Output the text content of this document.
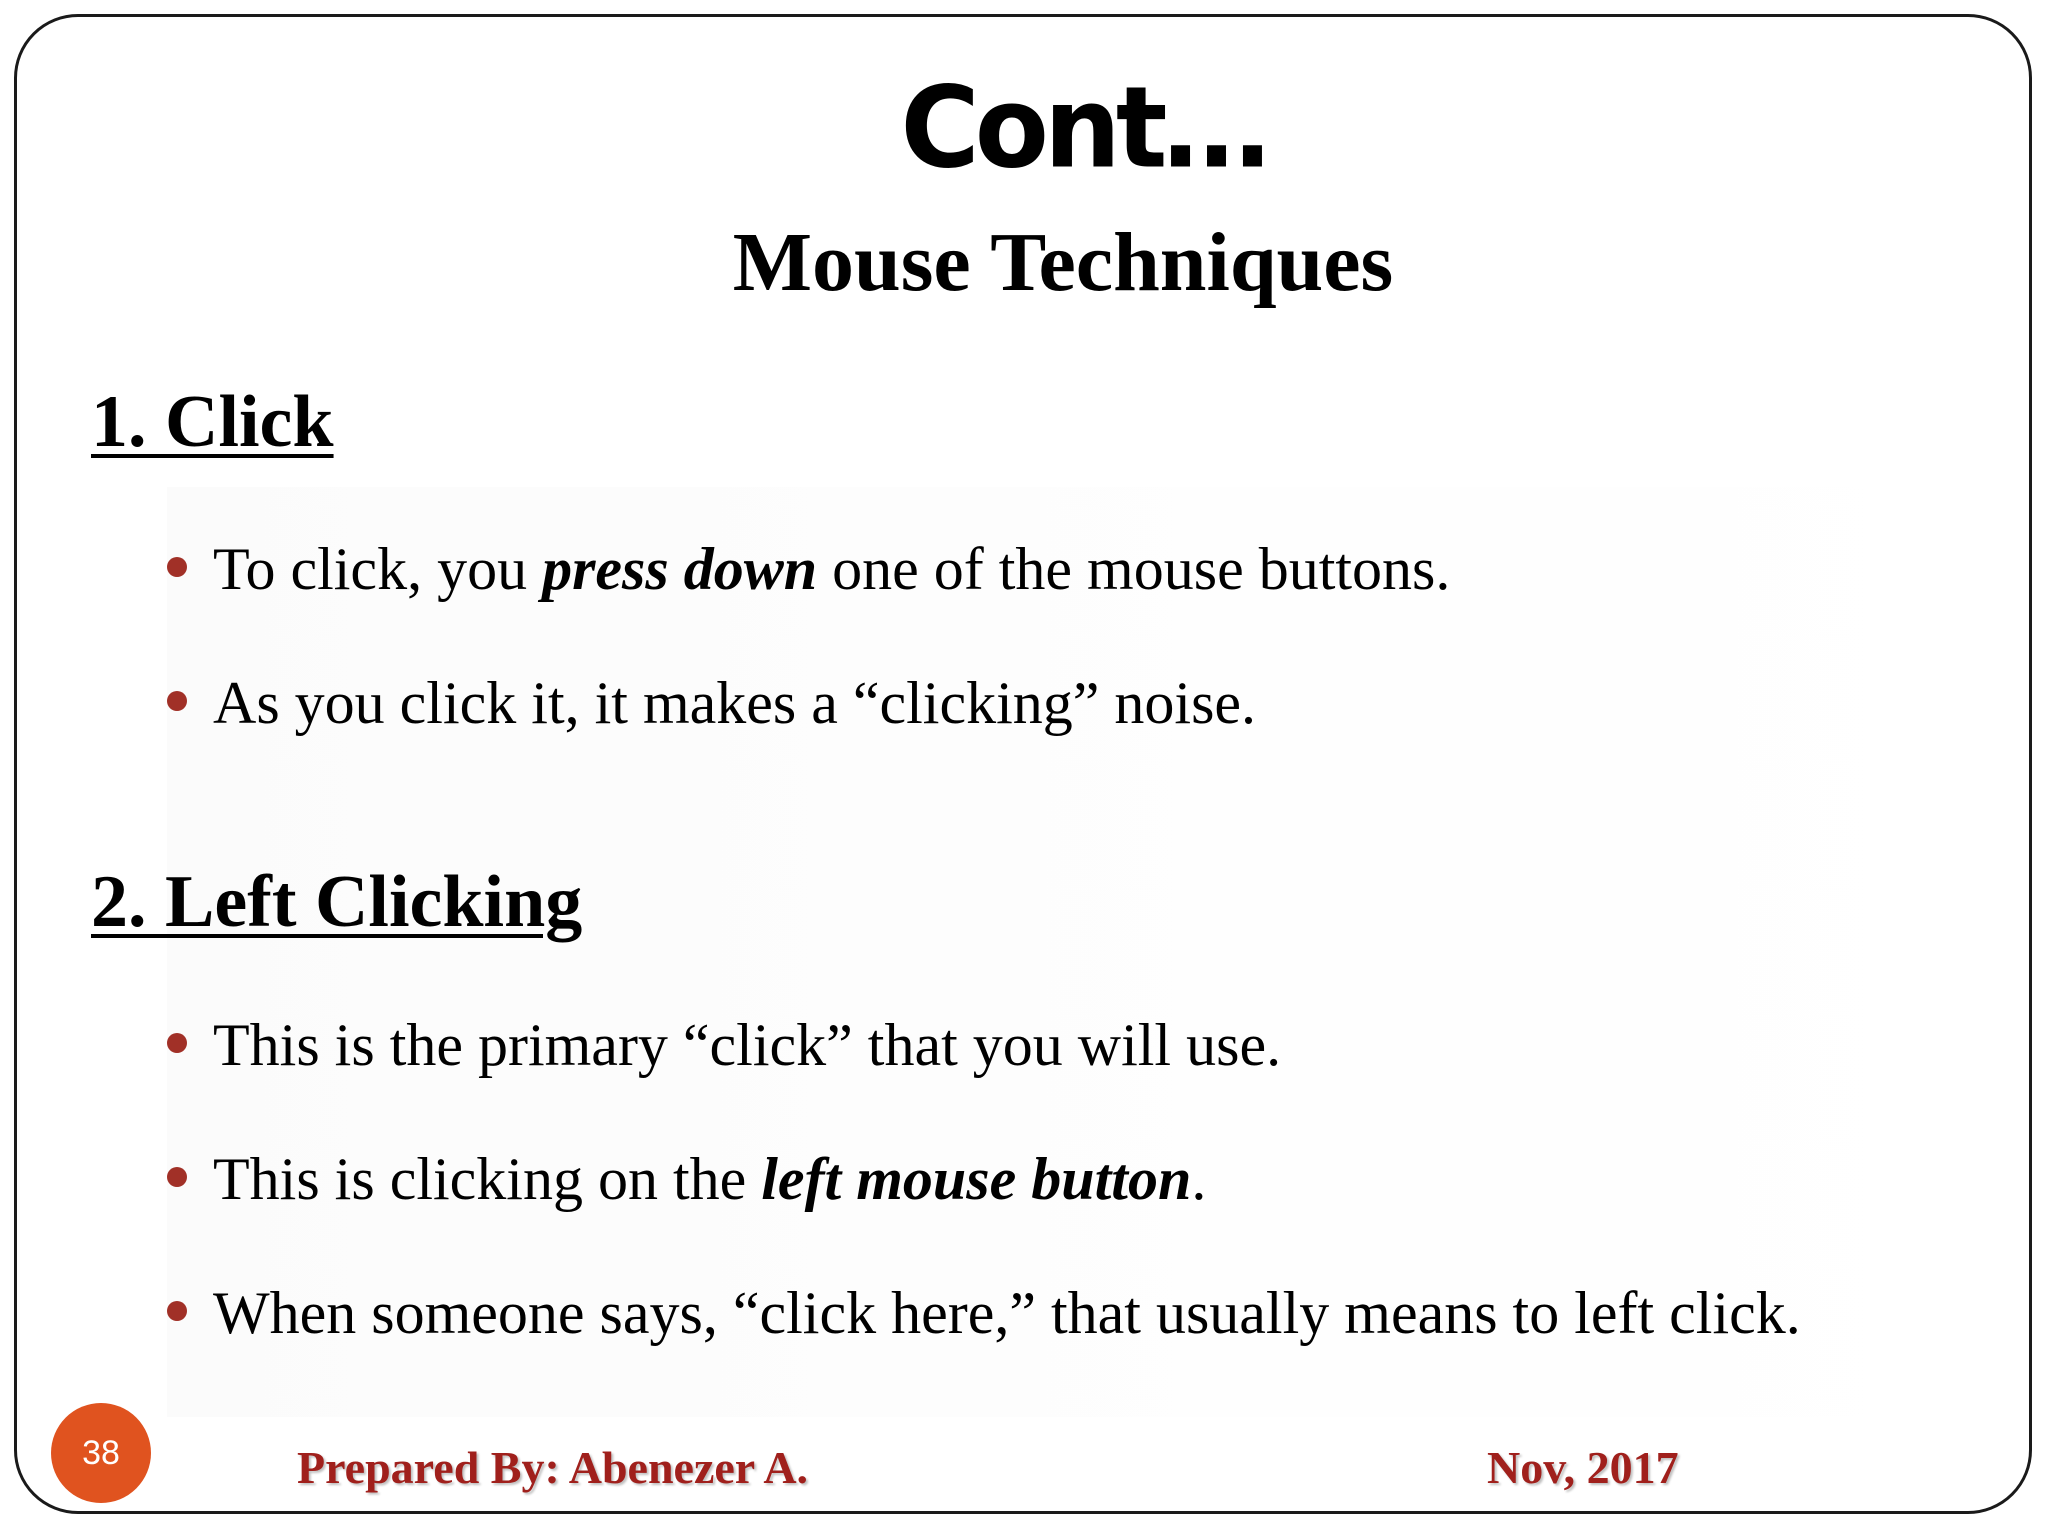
Cont…
Mouse Techniques
1. Click
To click, you press down one of the mouse buttons.
As you click it, it makes a “clicking” noise.
2. Left Clicking
This is the primary “click” that you will use.
This is clicking on the left mouse button.
When someone says, “click here,” that usually means to left click.
38	Prepared By: Abenezer A.	Nov, 2017
